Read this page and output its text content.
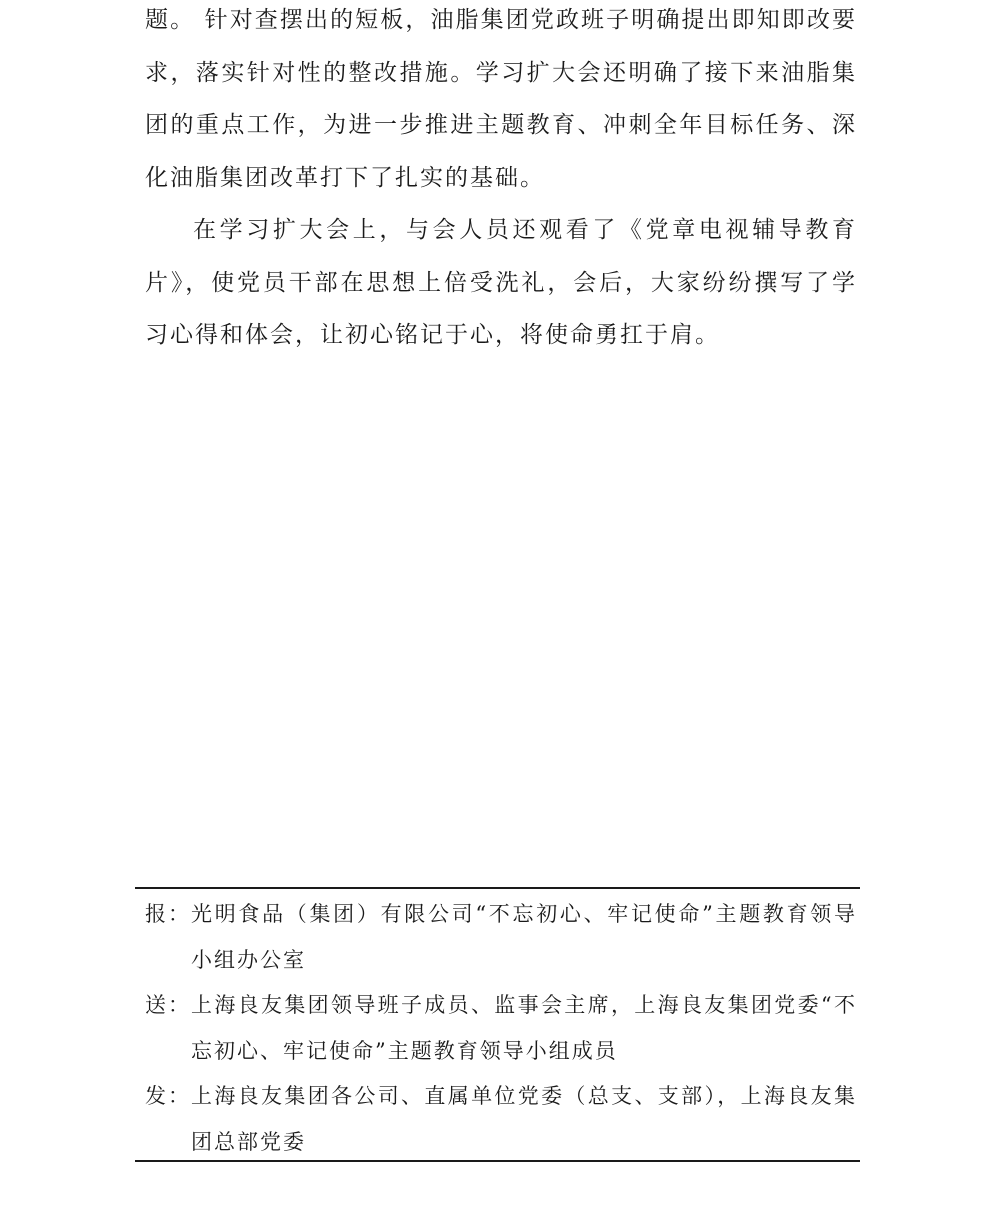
题。 针对查摆出的短板，油脂集团党政班子明确提出即知即改要求，落实针对性的整改措施。学习扩大会还明确了接下来油脂集团的重点工作，为进一步推进主题教育、冲刺全年目标任务、深化油脂集团改革打下了扎实的基础。

在学习扩大会上，与会人员还观看了《党章电视辅导教育片》，使党员干部在思想上倍受洗礼，会后，大家纷纷撰写了学习心得和体会，让初心铭记于心，将使命勇扛于肩。

报： 光明食品（集团）有限公司“不忘初心、牢记使命”主题教育领导小组办公室
送： 上海良友集团领导班子成员、监事会主席，上海良友集团党委“不忘初心、牢记使命”主题教育领导小组成员
发： 上海良友集团各公司、直属单位党委（总支、支部），上海良友集团总部党委
